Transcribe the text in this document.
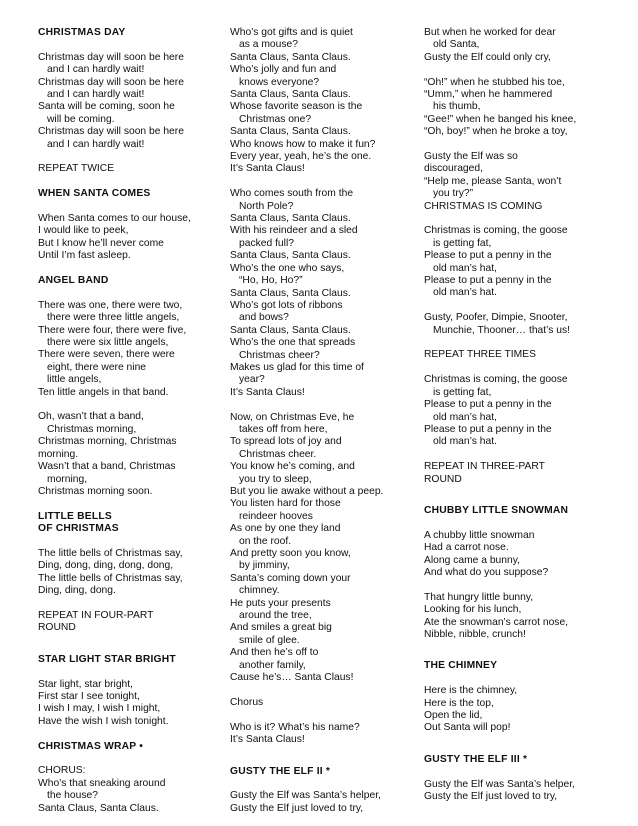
CHRISTMAS DAY
Christmas day will soon be here
and I can hardly wait!
Christmas day will soon be here
and I can hardly wait!
Santa will be coming, soon he
will be coming.
Christmas day will soon be here
and I can hardly wait!
REPEAT TWICE
WHEN SANTA COMES
When Santa comes to our house,
I would like to peek,
But I know he’ll never come
Until I’m fast asleep.
ANGEL BAND
There was one, there were two,
there were three little angels,
There were four, there were five,
there were six little angels,
There were seven, there were
eight, there were nine
little angels,
Ten little angels in that band.
Oh, wasn’t that a band,
Christmas morning,
Christmas morning, Christmas
morning.
Wasn’t that a band, Christmas
morning,
Christmas morning soon.
LITTLE BELLS
OF CHRISTMAS
The little bells of Christmas say,
Ding, dong, ding, dong, dong,
The little bells of Christmas say,
Ding, ding, dong.
REPEAT IN FOUR-PART
ROUND
STAR LIGHT STAR BRIGHT
Star light, star bright,
First star I see tonight,
I wish I may, I wish I might,
Have the wish I wish tonight.
CHRISTMAS WRAP •
CHORUS:
Who’s that sneaking around
the house?
Santa Claus, Santa Claus.
Who’s got gifts and is quiet
as a mouse?
Santa Claus, Santa Claus.
Who’s jolly and fun and
knows everyone?
Santa Claus, Santa Claus.
Whose favorite season is the
Christmas one?
Santa Claus, Santa Claus.
Who knows how to make it fun?
Every year, yeah, he’s the one.
It’s Santa Claus!
Who comes south from the
North Pole?
Santa Claus, Santa Claus.
With his reindeer and a sled
packed full?
Santa Claus, Santa Claus.
Who’s the one who says,
“Ho, Ho, Ho?”
Santa Claus, Santa Claus.
Who’s got lots of ribbons
and bows?
Santa Claus, Santa Claus.
Who’s the one that spreads
Christmas cheer?
Makes us glad for this time of
year?
It’s Santa Claus!
Now, on Christmas Eve, he
takes off from here,
To spread lots of joy and
Christmas cheer.
You know he’s coming, and
you try to sleep,
But you lie awake without a peep.
You listen hard for those
reindeer hooves
As one by one they land
on the roof.
And pretty soon you know,
by jimminy,
Santa’s coming down your
chimney.
He puts your presents
around the tree,
And smiles a great big
smile of glee.
And then he’s off to
another family,
Cause he’s… Santa Claus!
Chorus
Who is it? What’s his name?
It’s Santa Claus!
GUSTY THE ELF II *
Gusty the Elf was Santa’s helper,
Gusty the Elf just loved to try,
But when he worked for dear
old Santa,
Gusty the Elf could only cry,
“Oh!” when he stubbed his toe,
“Umm,” when he hammered
his thumb,
“Gee!” when he banged his knee,
“Oh, boy!” when he broke a toy,
Gusty the Elf was so
discouraged,
“Help me, please Santa, won’t
you try?”
CHRISTMAS IS COMING
Christmas is coming, the goose
is getting fat,
Please to put a penny in the
old man’s hat,
Please to put a penny in the
old man’s hat.
Gusty, Poofer, Dimpie, Snooter,
Munchie, Thooner… that’s us!
REPEAT THREE TIMES
Christmas is coming, the goose
is getting fat,
Please to put a penny in the
old man’s hat,
Please to put a penny in the
old man’s hat.
REPEAT IN THREE-PART
ROUND
CHUBBY LITTLE SNOWMAN
A chubby little snowman
Had a carrot nose.
Along came a bunny,
And what do you suppose?
That hungry little bunny,
Looking for his lunch,
Ate the snowman’s carrot nose,
Nibble, nibble, crunch!
THE CHIMNEY
Here is the chimney,
Here is the top,
Open the lid,
Out Santa will pop!
GUSTY THE ELF III *
Gusty the Elf was Santa’s helper,
Gusty the Elf just loved to try,
